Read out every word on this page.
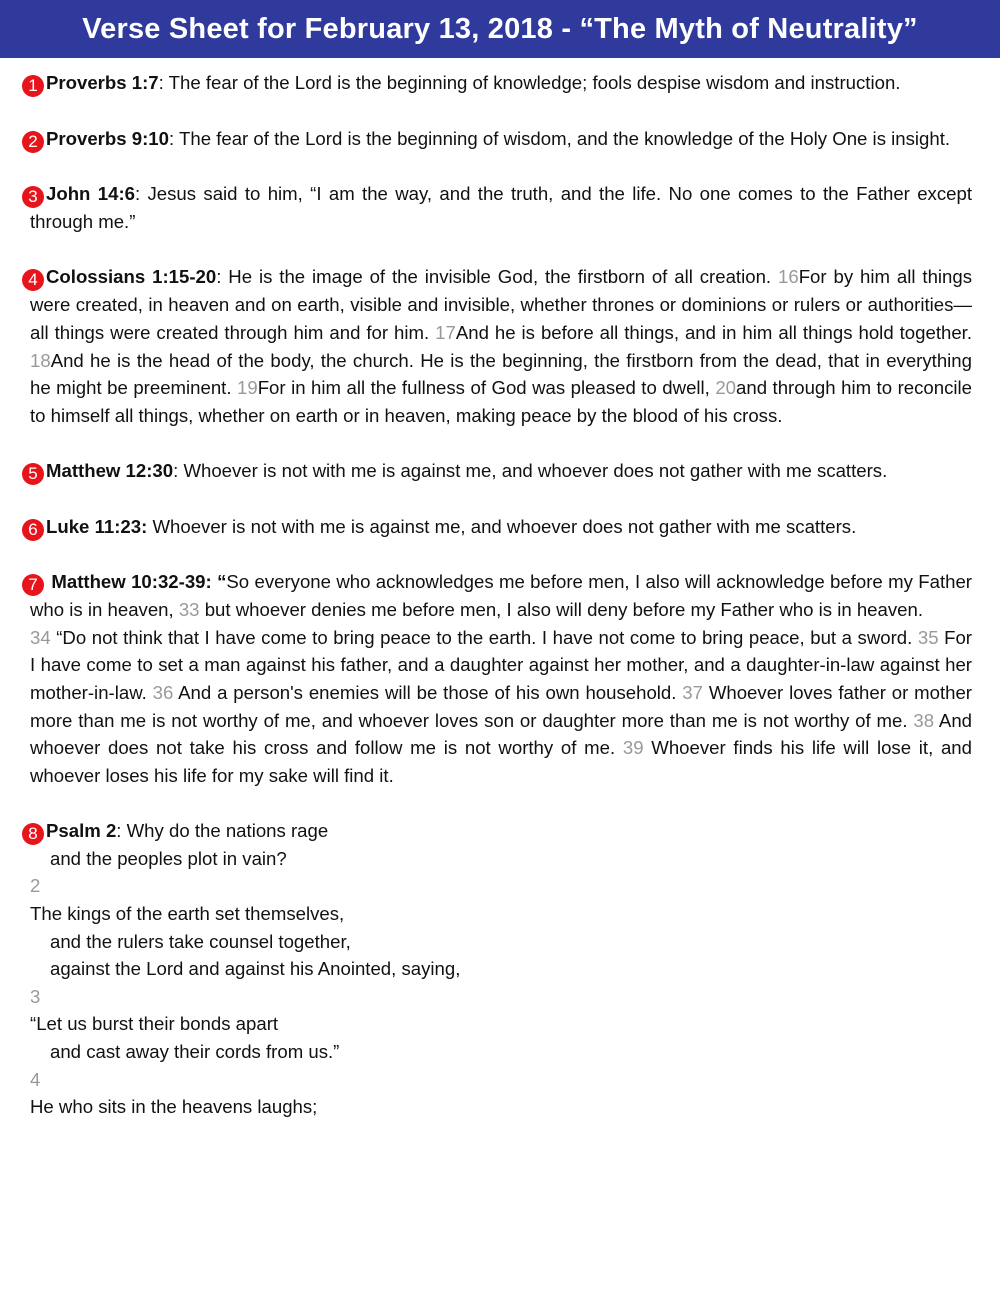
Verse Sheet for February 13, 2018 - “The Myth of Neutrality”

1 Proverbs 1:7: The fear of the Lord is the beginning of knowledge; fools despise wisdom and instruction.

2 Proverbs 9:10: The fear of the Lord is the beginning of wisdom, and the knowledge of the Holy One is insight.

3 John 14:6: Jesus said to him, “I am the way, and the truth, and the life. No one comes to the Father except through me.”

4 Colossians 1:15-20: He is the image of the invisible God, the firstborn of all creation. 16For by him all things were created, in heaven and on earth, visible and invisible, whether thrones or dominions or rulers or authorities—all things were created through him and for him. 17And he is before all things, and in him all things hold together. 18And he is the head of the body, the church. He is the beginning, the firstborn from the dead, that in everything he might be preeminent. 19For in him all the fullness of God was pleased to dwell, 20and through him to reconcile to himself all things, whether on earth or in heaven, making peace by the blood of his cross.

5 Matthew 12:30: Whoever is not with me is against me, and whoever does not gather with me scatters.

6 Luke 11:23: Whoever is not with me is against me, and whoever does not gather with me scatters.

7 Matthew 10:32-39: “So everyone who acknowledges me before men, I also will acknowledge before my Father who is in heaven, 33 but whoever denies me before men, I also will deny before my Father who is in heaven.

34 “Do not think that I have come to bring peace to the earth. I have not come to bring peace, but a sword. 35 For I have come to set a man against his father, and a daughter against her mother, and a daughter-in-law against her mother-in-law. 36 And a person's enemies will be those of his own household. 37 Whoever loves father or mother more than me is not worthy of me, and whoever loves son or daughter more than me is not worthy of me. 38 And whoever does not take his cross and follow me is not worthy of me. 39 Whoever finds his life will lose it, and whoever loses his life for my sake will find it.

8 Psalm 2: Why do the nations rage
and the peoples plot in vain?
2
The kings of the earth set themselves,
and the rulers take counsel together,
against the Lord and against his Anointed, saying,
3
“Let us burst their bonds apart
and cast away their cords from us.”
4
He who sits in the heavens laughs;
